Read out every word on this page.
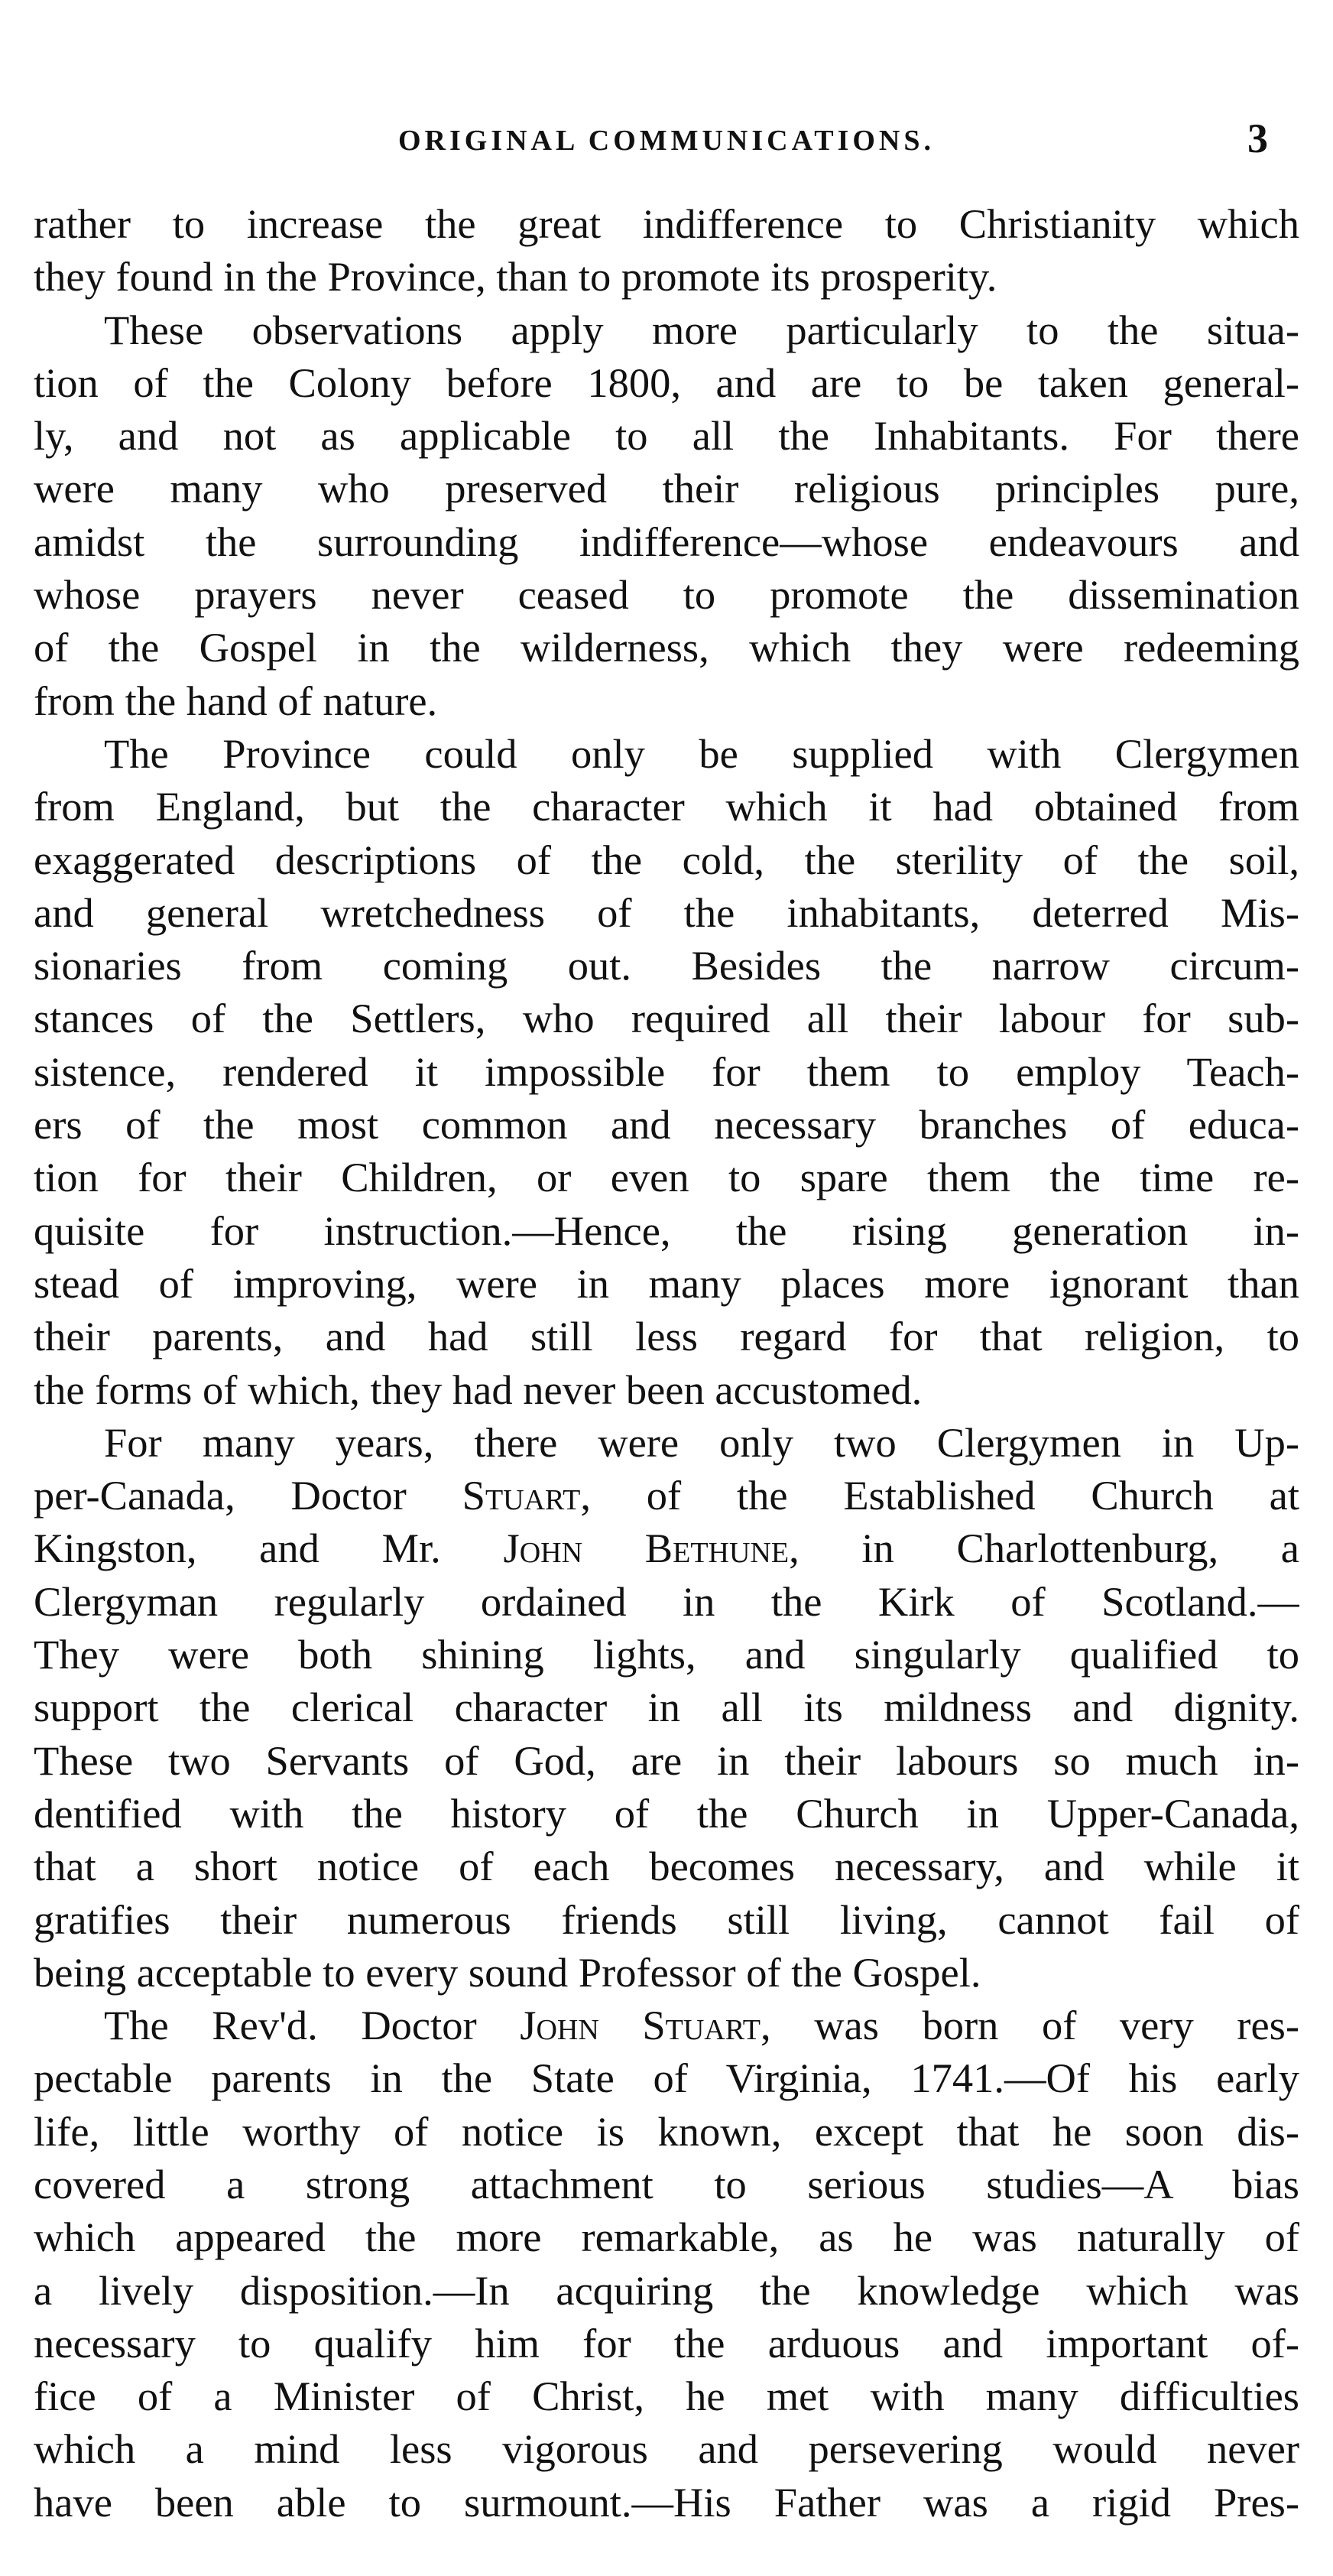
ORIGINAL COMMUNICATIONS.	3
rather to increase the great indifference to Christianity which
they found in the Province, than to promote its prosperity.
These observations apply more particularly to the situa-
tion of the Colony before 1800, and are to be taken general-
ly, and not as applicable to all the Inhabitants. For there
were many who preserved their religious principles pure,
amidst the surrounding indifference—whose endeavours and
whose prayers never ceased to promote the dissemination
of the Gospel in the wilderness, which they were redeeming
from the hand of nature.
The Province could only be supplied with Clergymen
from England, but the character which it had obtained from
exaggerated descriptions of the cold, the sterility of the soil,
and general wretchedness of the inhabitants, deterred Mis-
sionaries from coming out. Besides the narrow circum-
stances of the Settlers, who required all their labour for sub-
sistence, rendered it impossible for them to employ Teach-
ers of the most common and necessary branches of educa-
tion for their Children, or even to spare them the time re-
quisite for instruction.—Hence, the rising generation in-
stead of improving, were in many places more ignorant than
their parents, and had still less regard for that religion, to
the forms of which, they had never been accustomed.
For many years, there were only two Clergymen in Up-
per-Canada, Doctor Stuart, of the Established Church at
Kingston, and Mr. John Bethune, in Charlottenburg, a
Clergyman regularly ordained in the Kirk of Scotland.—
They were both shining lights, and singularly qualified to
support the clerical character in all its mildness and dignity.
These two Servants of God, are in their labours so much in-
dentified with the history of the Church in Upper-Canada,
that a short notice of each becomes necessary, and while it
gratifies their numerous friends still living, cannot fail of
being acceptable to every sound Professor of the Gospel.
The Rev'd. Doctor John Stuart, was born of very res-
pectable parents in the State of Virginia, 1741.—Of his early
life, little worthy of notice is known, except that he soon dis-
covered a strong attachment to serious studies—A bias
which appeared the more remarkable, as he was naturally of
a lively disposition.—In acquiring the knowledge which was
necessary to qualify him for the arduous and important of-
fice of a Minister of Christ, he met with many difficulties
which a mind less vigorous and persevering would never
have been able to surmount.—His Father was a rigid Pres-
